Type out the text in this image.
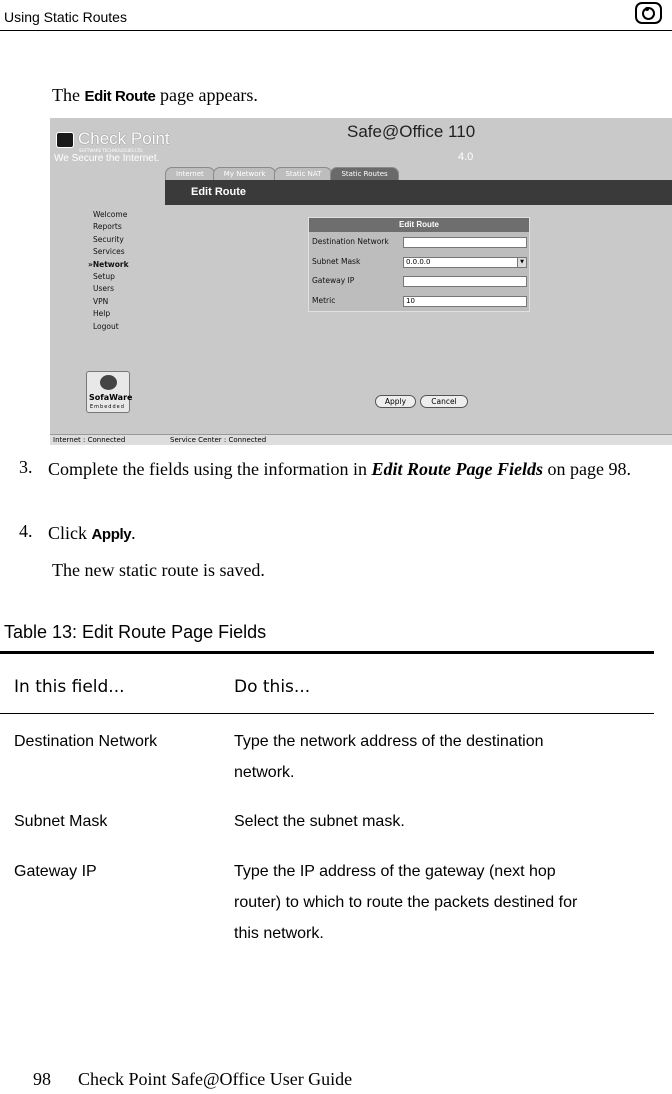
Using Static Routes
The Edit Route page appears.
Check Point
SOFTWARE TECHNOLOGIES LTD.
We Secure the Internet.
Safe@Office 110
4.0
Internet	My Network	Static NAT	Static Routes
Edit Route
Welcome
Reports
Security
Services
»Network
Setup
Users
VPN
Help
Logout
SofaWare
Embedded
Edit Route
Destination Network
Subnet Mask	0.0.0.0	▼
Gateway IP
Metric	10
Apply	Cancel
Internet : Connected	Service Center : Connected
3. Complete the fields using the information in Edit Route Page Fields on page 98.
4. Click Apply.
The new static route is saved.
Table 13: Edit Route Page Fields
In this field...	Do this...
Destination Network	Type the network address of the destination
network.
Subnet Mask	Select the subnet mask.
Gateway IP	Type the IP address of the gateway (next hop
router) to which to route the packets destined for
this network.
98 Check Point Safe@Office User Guide
